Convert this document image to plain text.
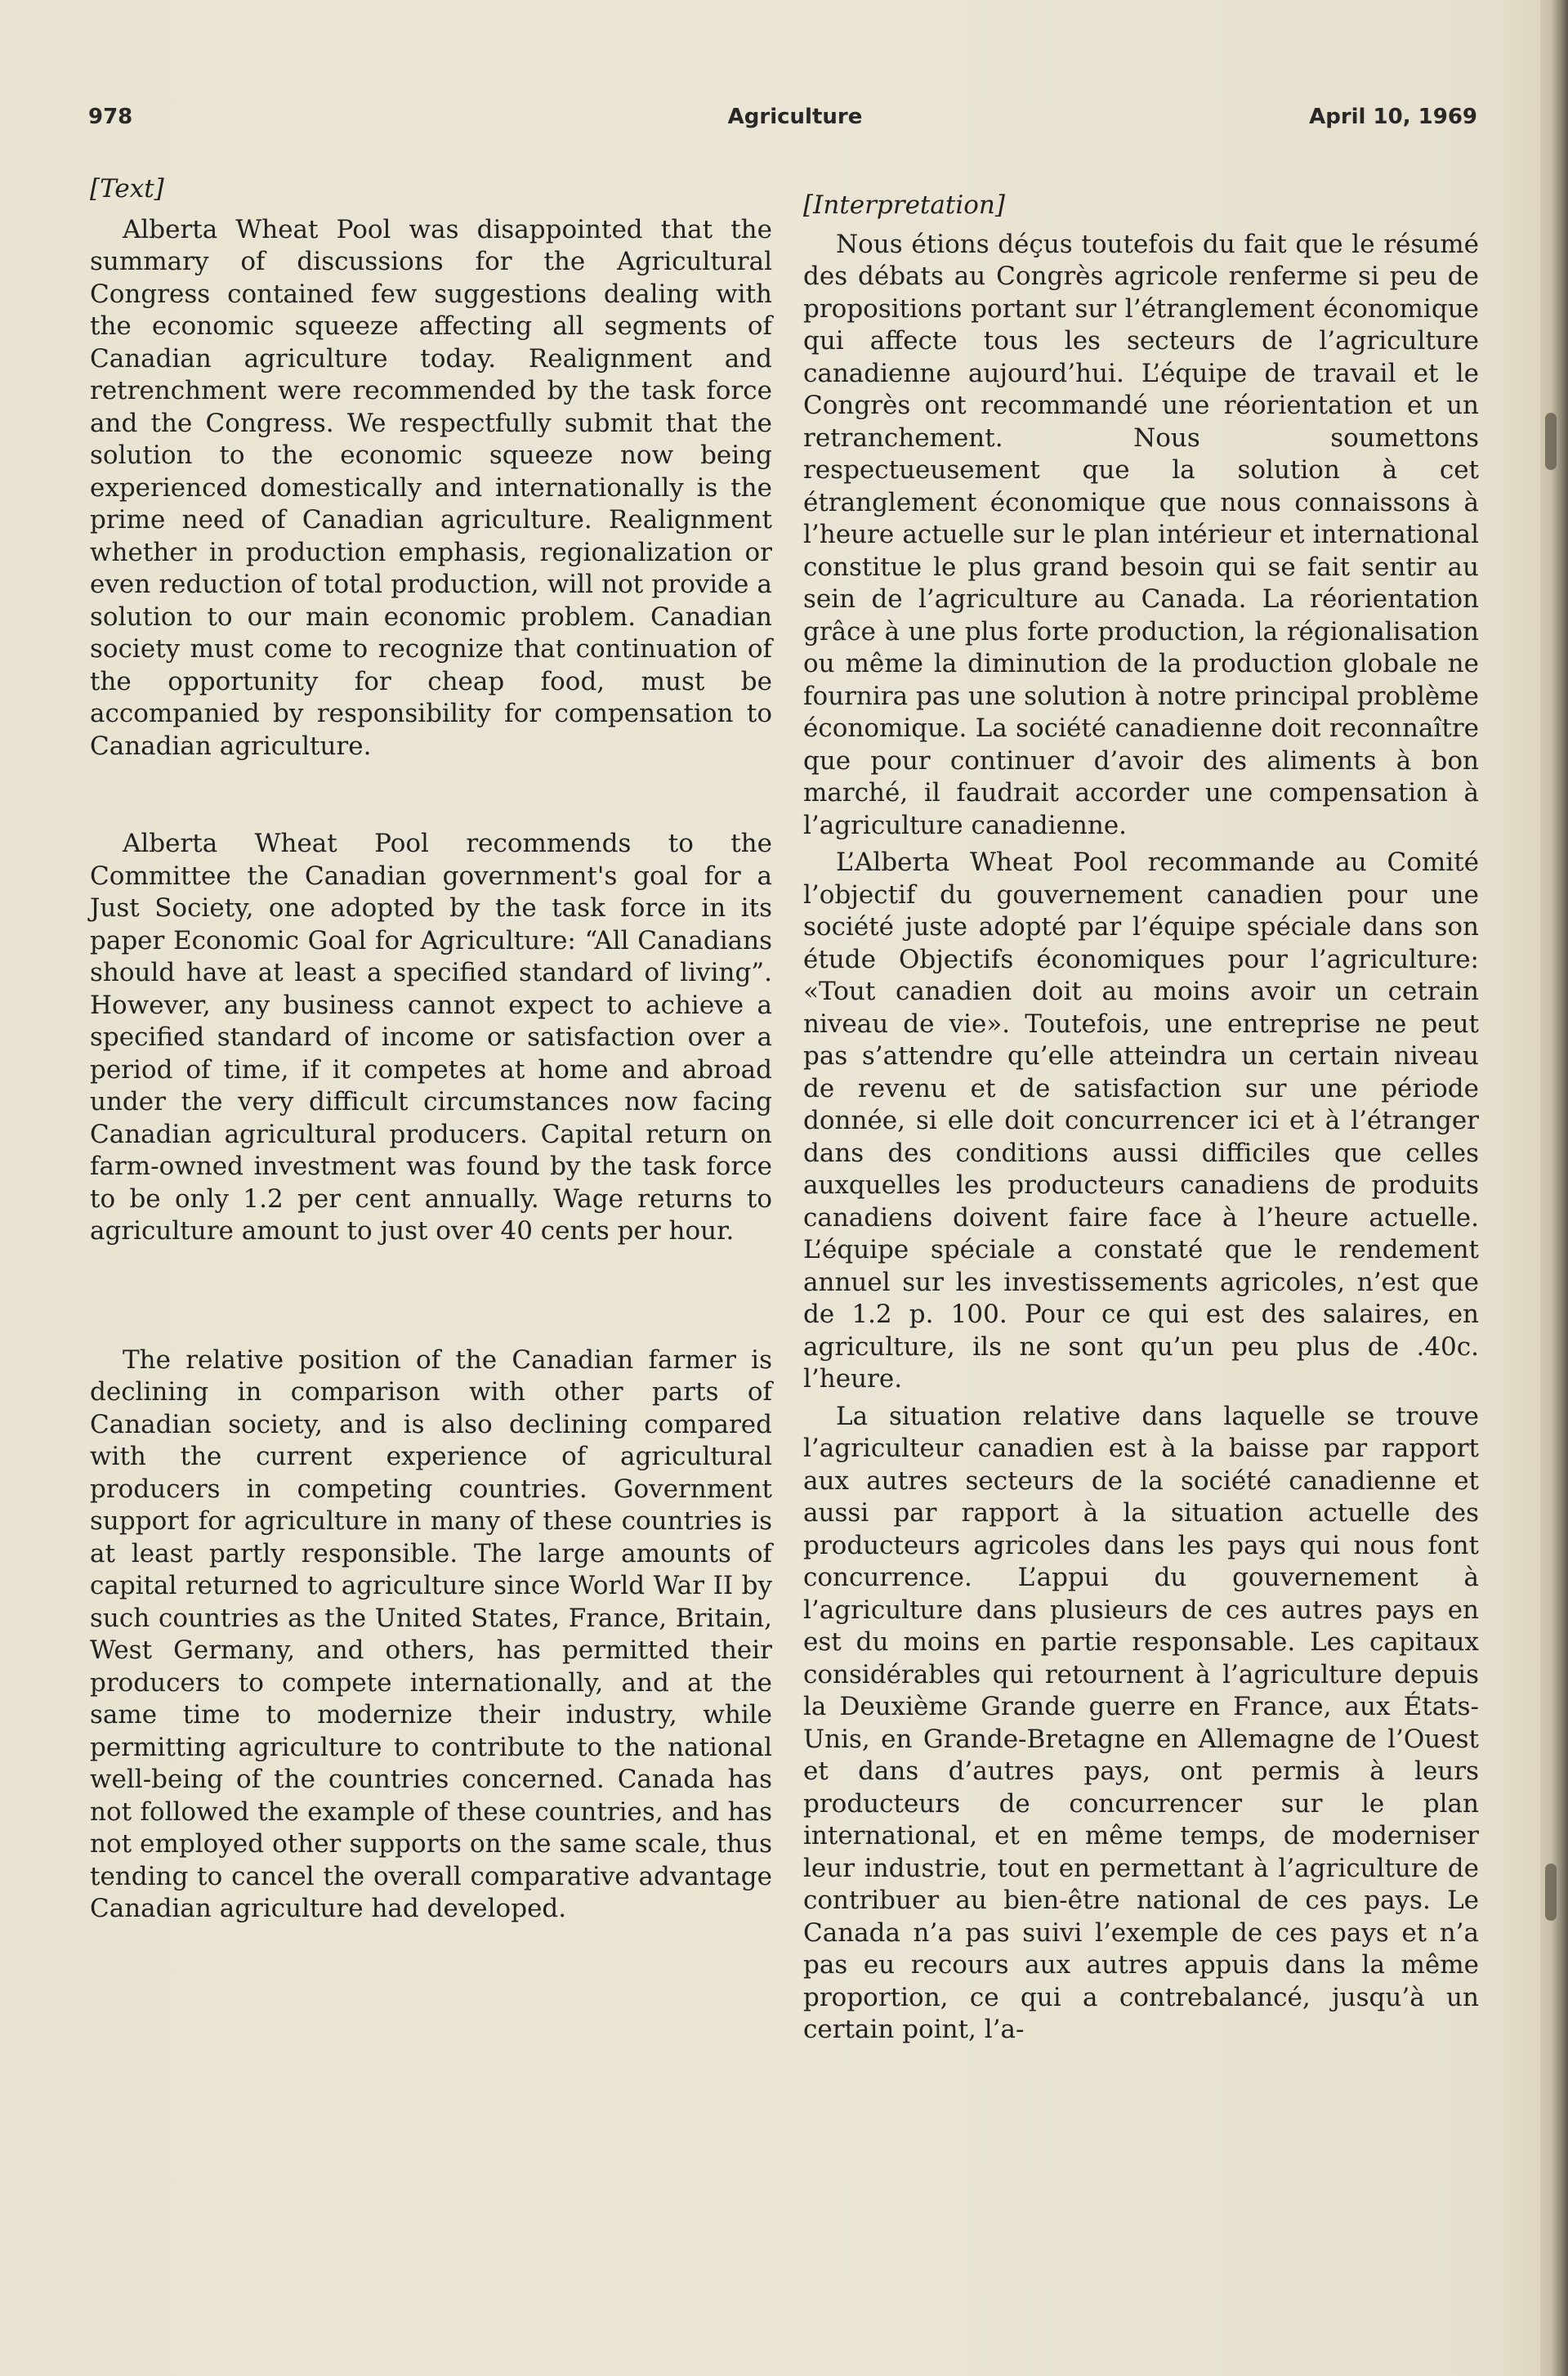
978	Agriculture	April 10, 1969

[Text]

Alberta Wheat Pool was disappointed that the summary of discussions for the Agricultural Congress contained few suggestions dealing with the economic squeeze affecting all segments of Canadian agriculture today. Realignment and retrenchment were recommended by the task force and the Congress. We respectfully submit that the solution to the economic squeeze now being experienced domestically and internationally is the prime need of Canadian agriculture. Realignment whether in production emphasis, regionalization or even reduction of total production, will not provide a solution to our main economic problem. Canadian society must come to recognize that continuation of the opportunity for cheap food, must be accompanied by responsibility for compensation to Canadian agriculture.

Alberta Wheat Pool recommends to the Committee the Canadian government's goal for a Just Society, one adopted by the task force in its paper Economic Goal for Agriculture: “All Canadians should have at least a specified standard of living”. However, any business cannot expect to achieve a specified standard of income or satisfaction over a period of time, if it competes at home and abroad under the very difficult circumstances now facing Canadian agricultural producers. Capital return on farm-owned investment was found by the task force to be only 1.2 per cent annually. Wage returns to agriculture amount to just over 40 cents per hour.

The relative position of the Canadian farmer is declining in comparison with other parts of Canadian society, and is also declining compared with the current experience of agricultural producers in competing countries. Government support for agriculture in many of these countries is at least partly responsible. The large amounts of capital returned to agriculture since World War II by such countries as the United States, France, Britain, West Germany, and others, has permitted their producers to compete internationally, and at the same time to modernize their industry, while permitting agriculture to contribute to the national well-being of the countries concerned. Canada has not followed the example of these countries, and has not employed other supports on the same scale, thus tending to cancel the overall comparative advantage Canadian agriculture had developed.

[Interpretation]

Nous étions déçus toutefois du fait que le résumé des débats au Congrès agricole renferme si peu de propositions portant sur l’étranglement économique qui affecte tous les secteurs de l’agriculture canadienne aujourd’hui. L’équipe de travail et le Congrès ont recommandé une réorientation et un retranchement. Nous soumettons respectueusement que la solution à cet étranglement économique que nous connaissons à l’heure actuelle sur le plan intérieur et international constitue le plus grand besoin qui se fait sentir au sein de l’agriculture au Canada. La réorientation grâce à une plus forte production, la régionalisation ou même la diminution de la production globale ne fournira pas une solution à notre principal problème économique. La société canadienne doit reconnaître que pour continuer d’avoir des aliments à bon marché, il faudrait accorder une compensation à l’agriculture canadienne.

L’Alberta Wheat Pool recommande au Comité l’objectif du gouvernement canadien pour une société juste adopté par l’équipe spéciale dans son étude Objectifs économiques pour l’agriculture: «Tout canadien doit au moins avoir un cetrain niveau de vie». Toutefois, une entreprise ne peut pas s’attendre qu’elle atteindra un certain niveau de revenu et de satisfaction sur une période donnée, si elle doit concurrencer ici et à l’étranger dans des conditions aussi difficiles que celles auxquelles les producteurs canadiens de produits canadiens doivent faire face à l’heure actuelle. L’équipe spéciale a constaté que le rendement annuel sur les investissements agricoles, n’est que de 1.2 p. 100. Pour ce qui est des salaires, en agriculture, ils ne sont qu’un peu plus de .40c. l’heure.

La situation relative dans laquelle se trouve l’agriculteur canadien est à la baisse par rapport aux autres secteurs de la société canadienne et aussi par rapport à la situation actuelle des producteurs agricoles dans les pays qui nous font concurrence. L’appui du gouvernement à l’agriculture dans plusieurs de ces autres pays en est du moins en partie responsable. Les capitaux considérables qui retournent à l’agriculture depuis la Deuxième Grande guerre en France, aux États-Unis, en Grande-Bretagne en Allemagne de l’Ouest et dans d’autres pays, ont permis à leurs producteurs de concurrencer sur le plan international, et en même temps, de moderniser leur industrie, tout en permettant à l’agriculture de contribuer au bien-être national de ces pays. Le Canada n’a pas suivi l’exemple de ces pays et n’a pas eu recours aux autres appuis dans la même proportion, ce qui a contrebalancé, jusqu’à un certain point, l’a-
